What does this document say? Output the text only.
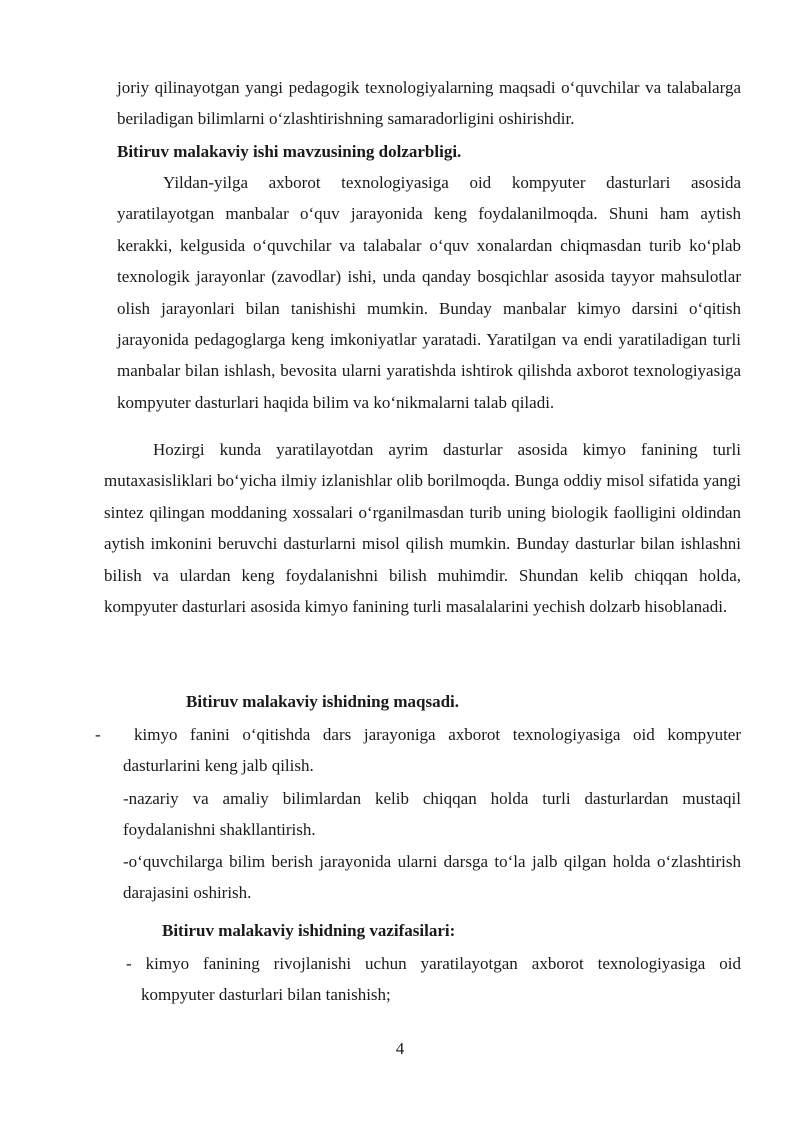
joriy qilinayotgan yangi pedagogik texnologiyalarning maqsadi o‘quvchilar va talabalarga beriladigan bilimlarni o‘zlashtirishning samaradorligini oshirishdir.

Bitiruv malakaviy ishi mavzusining dolzarbligi.

Yildan-yilga axborot texnologiyasiga oid kompyuter dasturlari asosida yaratilayotgan manbalar o‘quv jarayonida keng foydalanilmoqda. Shuni ham aytish kerakki, kelgusida o‘quvchilar va talabalar o‘quv xonalardan chiqmasdan turib ko‘plab texnologik jarayonlar (zavodlar) ishi, unda qanday bosqichlar asosida tayyor mahsulotlar olish jarayonlari bilan tanishishi mumkin. Bunday manbalar kimyo darsini o‘qitish jarayonida pedagoglarga keng imkoniyatlar yaratadi. Yaratilgan va endi yaratiladigan turli manbalar bilan ishlash, bevosita ularni yaratishda ishtirok qilishda axborot texnologiyasiga kompyuter dasturlari haqida bilim va ko‘nikmalarni talab qiladi.

Hozirgi kunda yaratilayotdan ayrim dasturlar asosida kimyo fanining turli mutaxasisliklari bo‘yicha ilmiy izlanishlar olib borilmoqda. Bunga oddiy misol sifatida yangi sintez qilingan moddaning xossalari o‘rganilmasdan turib uning biologik faolligini oldindan aytish imkonini beruvchi dasturlarni misol qilish mumkin. Bunday dasturlar bilan ishlashni bilish va ulardan keng foydalanishni bilish muhimdir. Shundan kelib chiqqan holda, kompyuter dasturlari asosida kimyo fanining turli masalalarini yechish dolzarb hisoblanadi.

Bitiruv malakaviy ishidning maqsadi.

-	kimyo fanini o‘qitishda dars jarayoniga axborot texnologiyasiga oid kompyuter dasturlarini keng jalb qilish.

-nazariy va amaliy bilimlardan kelib chiqqan holda turli dasturlardan mustaqil foydalanishni shakllantirish.

-o‘quvchilarga bilim berish jarayonida ularni darsga to‘la jalb qilgan holda o‘zlashtirish darajasini oshirish.

Bitiruv malakaviy ishidning vazifasilari:

- kimyo fanining rivojlanishi uchun yaratilayotgan axborot texnologiyasiga oid kompyuter dasturlari bilan tanishish;

4
